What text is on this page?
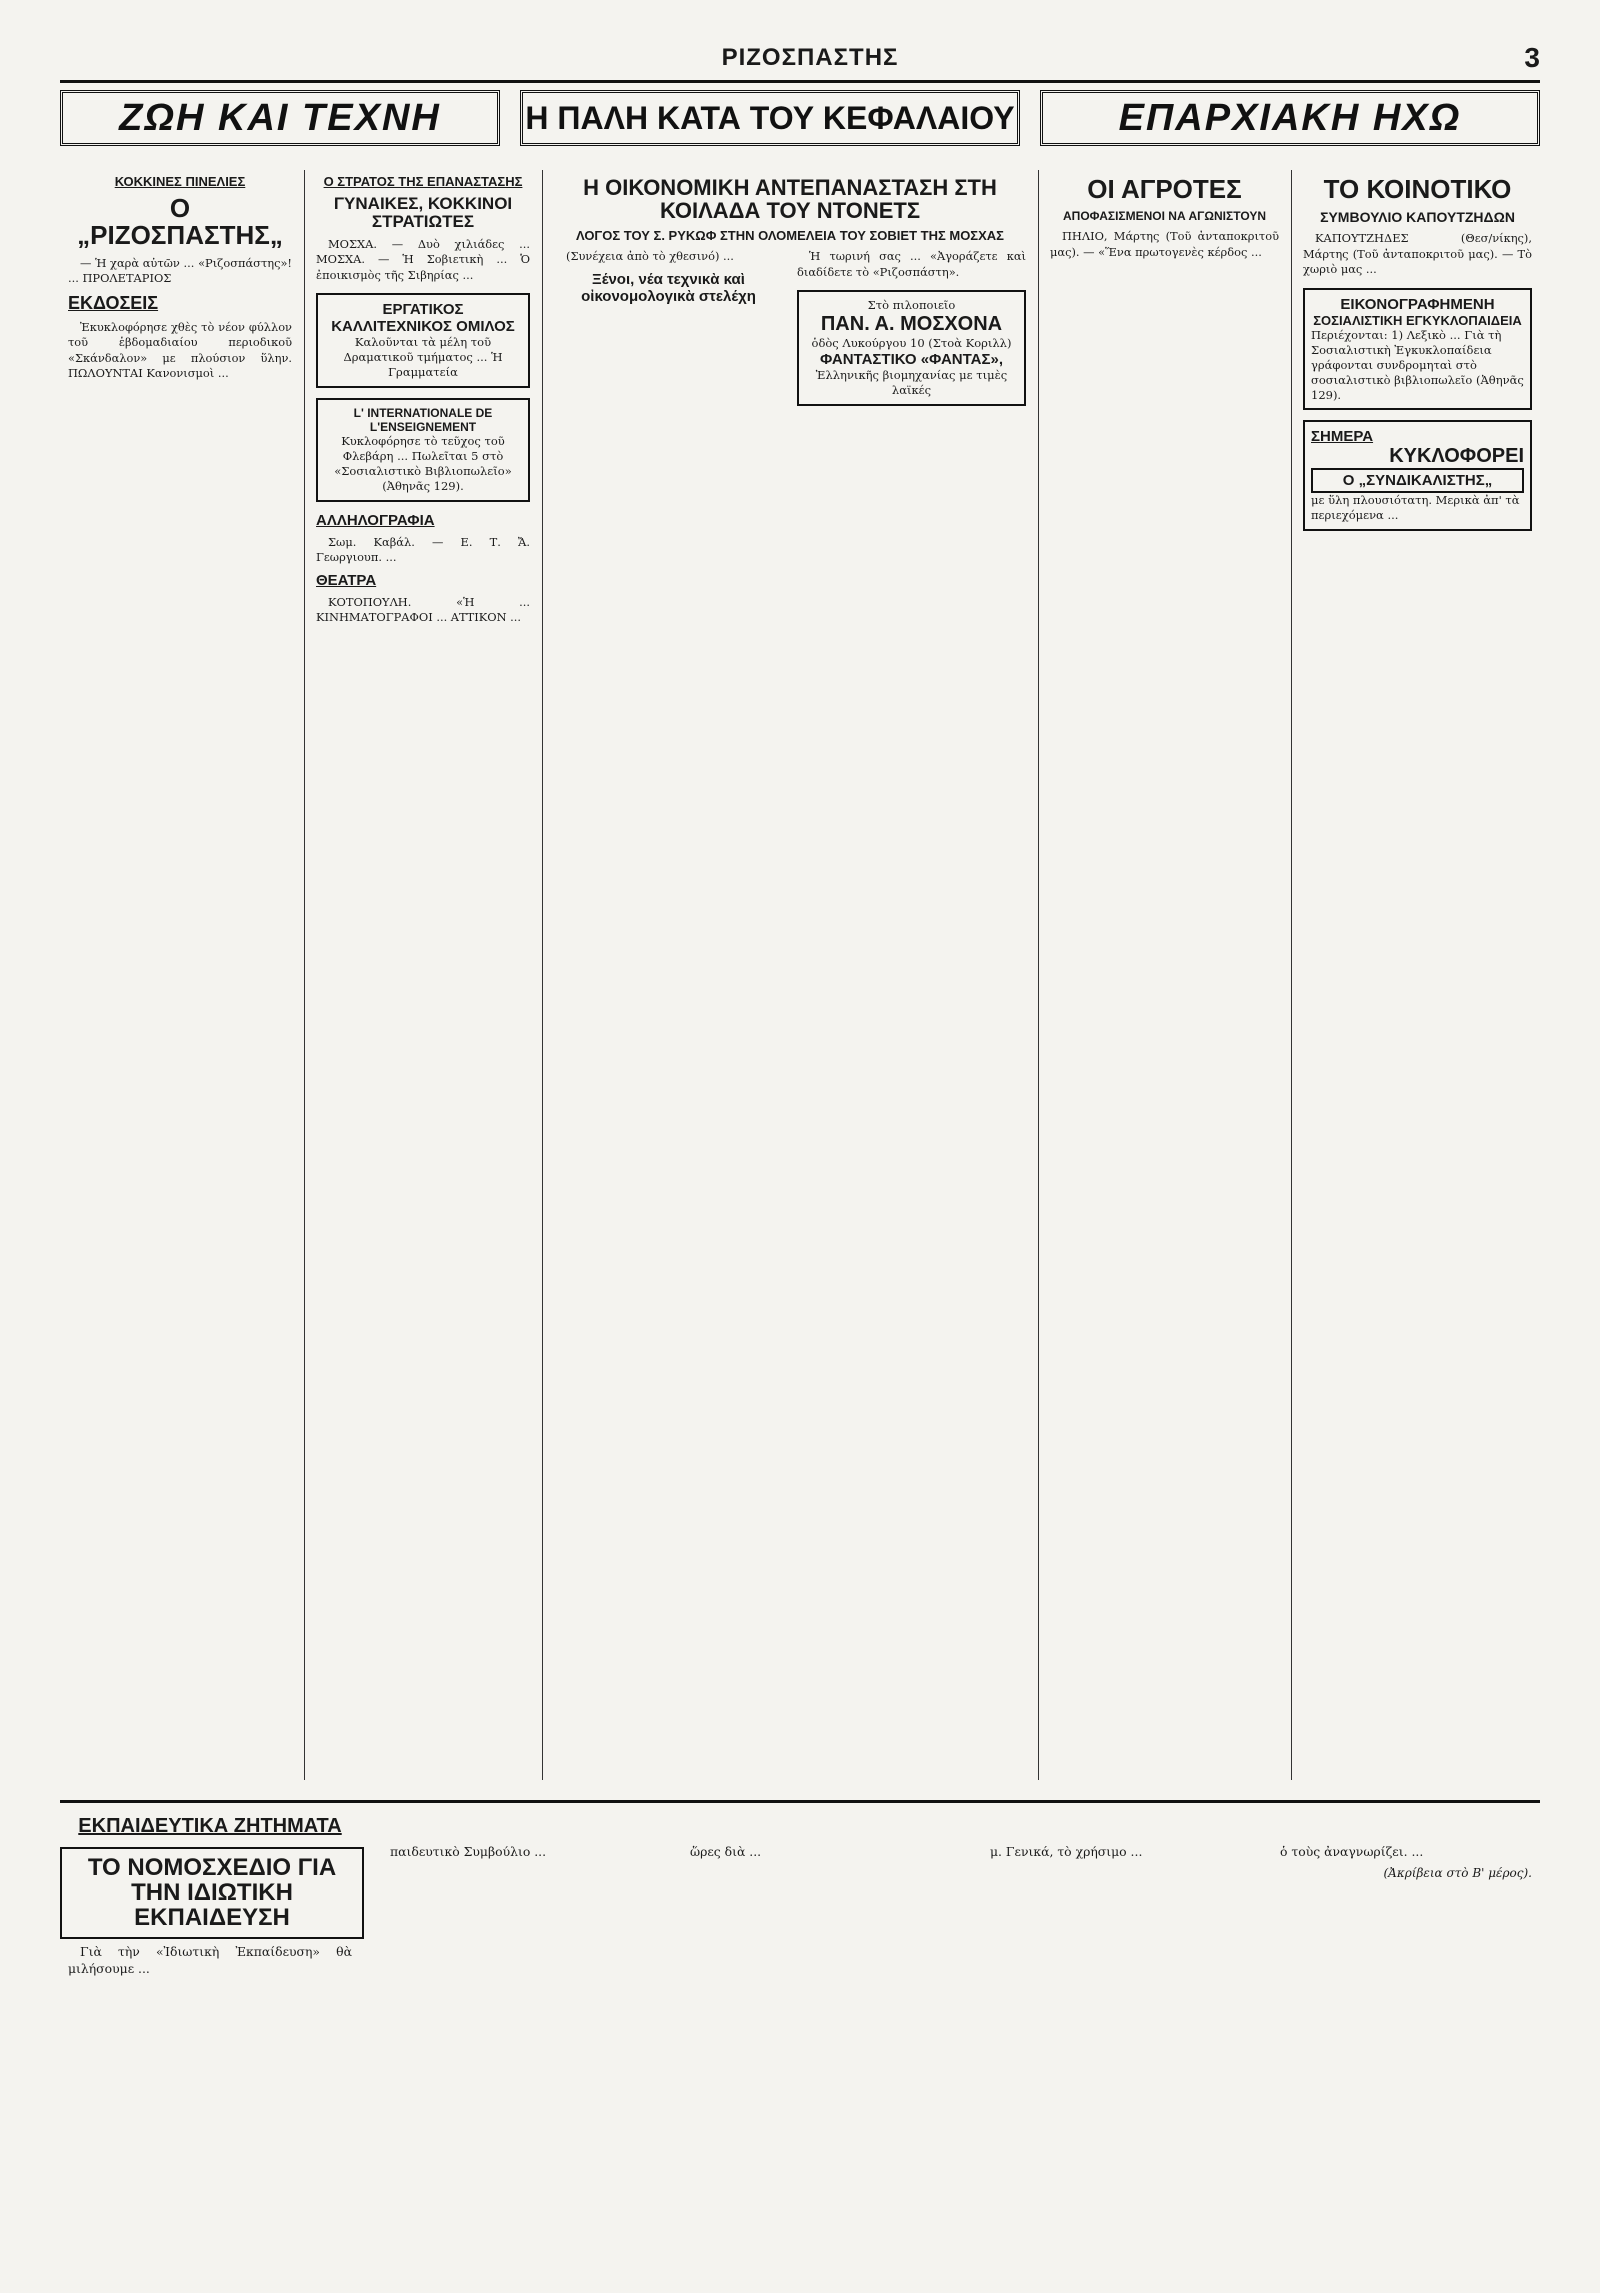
ΡΙΖΟΣΠΑΣΤΗΣ	3
ΖΩΗ ΚΑΙ ΤΕΧΝΗ	Η ΠΑΛΗ ΚΑΤΑ ΤΟΥ ΚΕΦΑΛΑΙΟΥ	ΕΠΑΡΧΙΑΚΗ ΗΧΩ
ΚΟΚΚΙΝΕΣ ΠΙΝΕΛΙΕΣ
Ο „ΡΙΖΟΣΠΑΣΤΗΣ„

— Ἡ χαρὰ αὐτῶν ... «Ριζοσπάστης»! ... ΠΡΟΛΕΤΑΡΙΟΣ

ΕΚΔΟΣΕΙΣ

Ἐκυκλοφόρησε χθὲς τὸ νέον φύλλον τοῦ ἑβδομαδιαίου περιοδικοῦ «Σκάνδαλον» με πλούσιον ὕλην. ΠΩΛΟΥΝΤΑΙ Κανονισμοὶ ...

Ο ΣΤΡΑΤΟΣ ΤΗΣ ΕΠΑΝΑΣΤΑΣΗΣ
ΓΥΝΑΙΚΕΣ, ΚΟΚΚΙΝΟΙ ΣΤΡΑΤΙΩΤΕΣ

ΜΟΣΧΑ. — Δυὸ χιλιάδες ... ΜΟΣΧΑ. — Ἡ Σοβιετικὴ ... Ὁ ἐποικισμὸς τῆς Σιβηρίας ...

ΕΡΓΑΤΙΚΟΣ ΚΑΛΛΙΤΕΧΝΙΚΟΣ ΟΜΙΛΟΣ
Καλοῦνται τὰ μέλη τοῦ Δραματικοῦ τμήματος ... Ἡ Γραμματεία
L' INTERNATIONALE DE L'ENSEIGNEMENT
Κυκλοφόρησε τὸ τεῦχος τοῦ Φλεβάρη ... Πωλεῖται 5 στὸ «Σοσιαλιστικὸ Βιβλιοπωλεῖο» (Ἀθηνᾶς 129).
ΑΛΛΗΛΟΓΡΑΦΙΑ

Σωμ. Καβάλ. — Ε. Τ. Ἄ. Γεωργιουπ. ...

ΘΕΑΤΡΑ

ΚΟΤΟΠΟΥΛΗ. «Ἡ ... ΚΙΝΗΜΑΤΟΓΡΑΦΟΙ ... ΑΤΤΙΚΟΝ ...

Η ΟΙΚΟΝΟΜΙΚΗ ΑΝΤΕΠΑΝΑΣΤΑΣΗ ΣΤΗ ΚΟΙΛΑΔΑ ΤΟΥ ΝΤΟΝΕΤΣ
ΛΟΓΟΣ ΤΟΥ Σ. ΡΥΚΩΦ ΣΤΗΝ ΟΛΟΜΕΛΕΙΑ ΤΟΥ ΣΟΒΙΕΤ ΤΗΣ ΜΟΣΧΑΣ

(Συνέχεια ἀπὸ τὸ χθεσινό) ...

Ξένοι, νέα τεχνικὰ καὶ οἰκονομολογικὰ στελέχη

Ἡ τωρινή σας ... «Ἀγοράζετε καὶ διαδίδετε τὸ «Ριζοσπάστη».

Στὸ πιλοποιεῖο
ΠΑΝ. Α. ΜΟΣΧΟΝΑ
ὁδὸς Λυκούργου 10 (Στοὰ Κοριλλ)
ΦΑΝΤΑΣΤΙΚΟ «ΦΑΝΤΑΣ»,
Ἑλληνικῆς βιομηχανίας με τιμὲς λαϊκές
ΟΙ ΑΓΡΟΤΕΣ
ΑΠΟΦΑΣΙΣΜΕΝΟΙ ΝΑ ΑΓΩΝΙΣΤΟΥΝ

ΠΗΛΙΟ, Μάρτης (Τοῦ ἀνταποκριτοῦ μας). — «Ἕνα πρωτογενὲς κέρδος ...

ΤΟ ΚΟΙΝΟΤΙΚΟ
ΣΥΜΒΟΥΛΙΟ ΚΑΠΟΥΤΖΗΔΩΝ

ΚΑΠΟΥΤΖΗΔΕΣ (Θεσ/νίκης), Μάρτης (Τοῦ ἀνταποκριτοῦ μας). — Τὸ χωριὸ μας ...

ΕΙΚΟΝΟΓΡΑΦΗΜΕΝΗ
ΣΟΣΙΑΛΙΣΤΙΚΗ ΕΓΚΥΚΛΟΠΑΙΔΕΙΑ
Περιέχονται: 1) Λεξικὸ ... Γιὰ τὴ Σοσιαλιστικὴ Ἐγκυκλοπαίδεια γράφονται συνδρομηταὶ στὸ σοσιαλιστικὸ βιβλιοπωλεῖο (Ἀθηνᾶς 129).
ΣΗΜΕΡΑ
ΚΥΚΛΟΦΟΡΕΙ
Ο „ΣΥΝΔΙΚΑΛΙΣΤΗΣ„
με ὕλη πλουσιότατη. Μερικὰ ἀπ' τὰ περιεχόμενα ...
ΕΚΠΑΙΔΕΥΤΙΚΑ ΖΗΤΗΜΑΤΑ
ΤΟ ΝΟΜΟΣΧΕΔΙΟ ΓΙΑ ΤΗΝ ΙΔΙΩΤΙΚΗ ΕΚΠΑΙΔΕΥΣΗ

Γιὰ τὴν «Ἰδιωτικὴ Ἐκπαίδευση» θὰ μιλήσουμε ...

παιδευτικὸ Συμβούλιο ...	ὥρες διὰ ...	μ. Γενικά, τὸ χρήσιμο ...	ὁ τοὺς ἀναγνωρίζει. ...

(Ἀκρίβεια στὸ Β' μέρος).
